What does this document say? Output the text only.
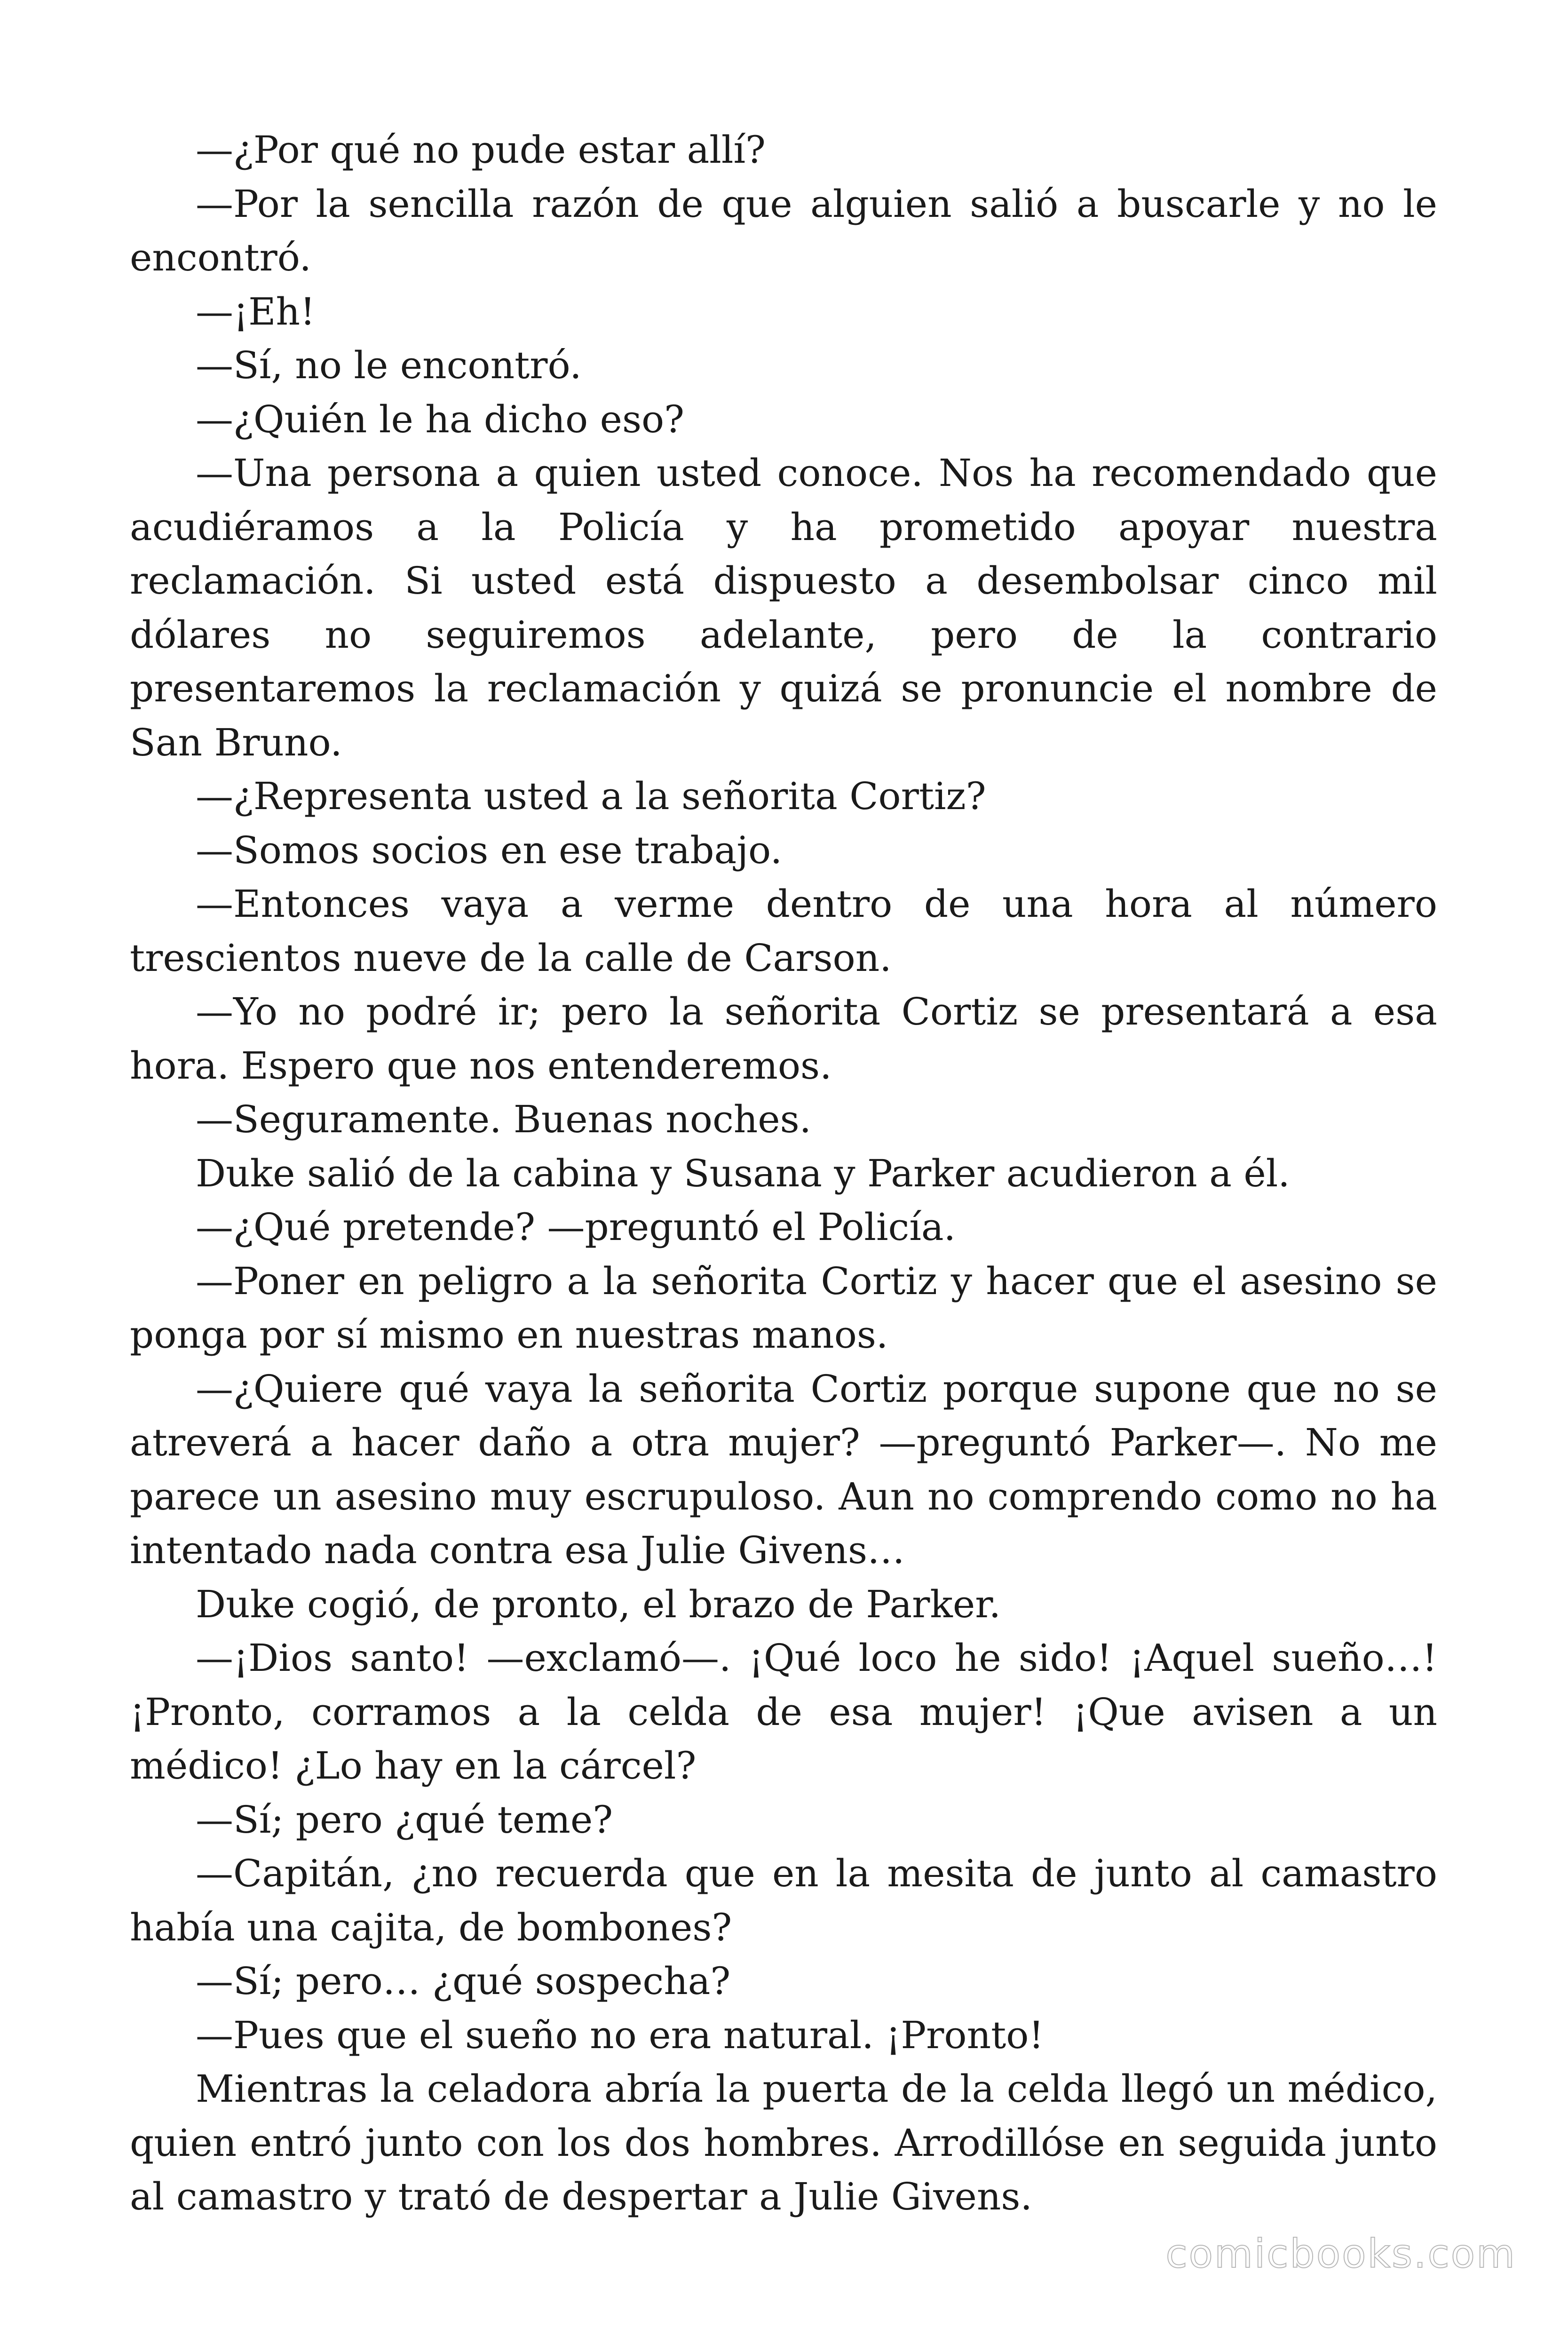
—¿Por qué no pude estar allí?

—Por la sencilla razón de que alguien salió a buscarle y no le encontró.

—¡Eh!

—Sí, no le encontró.

—¿Quién le ha dicho eso?

—Una persona a quien usted conoce. Nos ha recomendado que acudiéramos a la Policía y ha prometido apoyar nuestra reclamación. Si usted está dispuesto a desembolsar cinco mil dólares no seguiremos adelante, pero de la contrario presentaremos la reclamación y quizá se pronuncie el nombre de San Bruno.

—¿Representa usted a la señorita Cortiz?

—Somos socios en ese trabajo.

—Entonces vaya a verme dentro de una hora al número trescientos nueve de la calle de Carson.

—Yo no podré ir; pero la señorita Cortiz se presentará a esa hora. Espero que nos entenderemos.

—Seguramente. Buenas noches.

Duke salió de la cabina y Susana y Parker acudieron a él.

—¿Qué pretende? —preguntó el Policía.

—Poner en peligro a la señorita Cortiz y hacer que el asesino se ponga por sí mismo en nuestras manos.

—¿Quiere qué vaya la señorita Cortiz porque supone que no se atreverá a hacer daño a otra mujer? —preguntó Parker—. No me parece un asesino muy escrupuloso. Aun no comprendo como no ha intentado nada contra esa Julie Givens…

Duke cogió, de pronto, el brazo de Parker.

—¡Dios santo! —exclamó—. ¡Qué loco he sido! ¡Aquel sueño…! ¡Pronto, corramos a la celda de esa mujer! ¡Que avisen a un médico! ¿Lo hay en la cárcel?

—Sí; pero ¿qué teme?

—Capitán, ¿no recuerda que en la mesita de junto al camastro había una cajita, de bombones?

—Sí; pero… ¿qué sospecha?

—Pues que el sueño no era natural. ¡Pronto!

Mientras la celadora abría la puerta de la celda llegó un médico, quien entró junto con los dos hombres. Arrodillóse en seguida junto al camastro y trató de despertar a Julie Givens.

comicbooks.com
